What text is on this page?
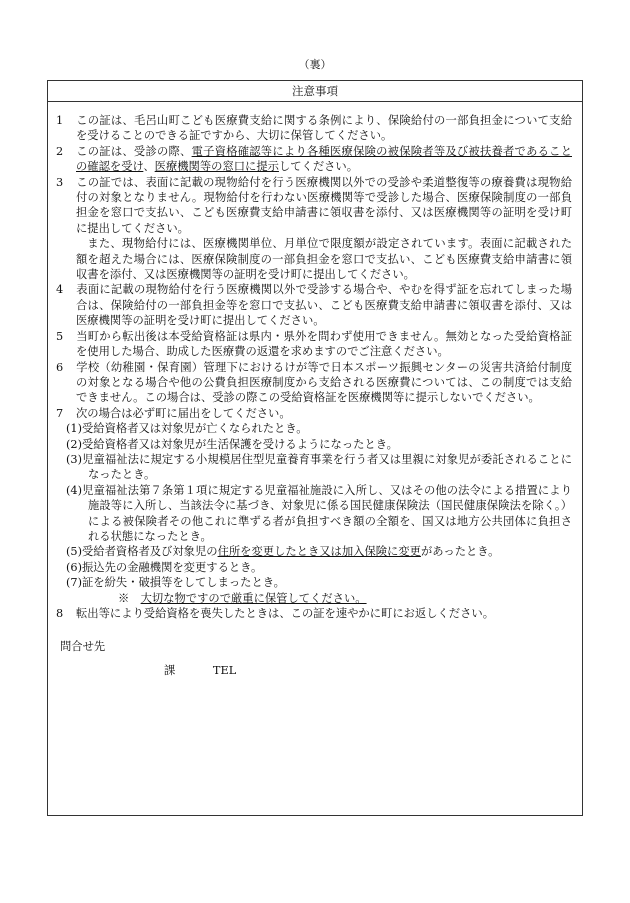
（裏）
注意事項

1 この証は、毛呂山町こども医療費支給に関する条例により、保険給付の一部負担金について支給を受けることのできる証ですから、大切に保管してください。

2 この証は、受診の際、電子資格確認等により各種医療保険の被保険者等及び被扶養者であることの確認を受け、医療機関等の窓口に提示してください。

3 この証では、表面に記載の現物給付を行う医療機関以外での受診や柔道整復等の療養費は現物給付の対象となりません。現物給付を行わない医療機関等で受診した場合、医療保険制度の一部負担金を窓口で支払い、こども医療費支給申請書に領収書を添付、又は医療機関等の証明を受け町に提出してください。

また、現物給付には、医療機関単位、月単位で限度額が設定されています。表面に記載された額を超えた場合には、医療保険制度の一部負担金を窓口で支払い、こども医療費支給申請書に領収書を添付、又は医療機関等の証明を受け町に提出してください。

4 表面に記載の現物給付を行う医療機関以外で受診する場合や、やむを得ず証を忘れてしまった場合は、保険給付の一部負担金等を窓口で支払い、こども医療費支給申請書に領収書を添付、又は医療機関等の証明を受け町に提出してください。

5 当町から転出後は本受給資格証は県内・県外を問わず使用できません。無効となった受給資格証を使用した場合、助成した医療費の返還を求めますのでご注意ください。

6 学校（幼稚園・保育園）管理下におけるけが等で日本スポーツ振興センターの災害共済給付制度の対象となる場合や他の公費負担医療制度から支給される医療費については、この制度では支給できません。この場合は、受診の際この受給資格証を医療機関等に提示しないでください。

7 次の場合は必ず町に届出をしてください。

(1)受給資格者又は対象児が亡くなられたとき。

(2)受給資格者又は対象児が生活保護を受けるようになったとき。

(3)児童福祉法に規定する小規模居住型児童養育事業を行う者又は里親に対象児が委託されることになったとき。

(4)児童福祉法第７条第１項に規定する児童福祉施設に入所し、又はその他の法令による措置により施設等に入所し、当該法令に基づき、対象児に係る国民健康保険法（国民健康保険法を除く。）による被保険者その他これに準ずる者が負担すべき額の全額を、国又は地方公共団体に負担される状態になったとき。

(5)受給者資格者及び対象児の住所を変更したとき又は加入保険に変更があったとき。

(6)振込先の金融機関を変更するとき。

(7)証を紛失・破損等をしてしまったとき。

※　大切な物ですので厳重に保管してください。

8 転出等により受給資格を喪失したときは、この証を速やかに町にお返しください。

問合せ先
課	TEL
